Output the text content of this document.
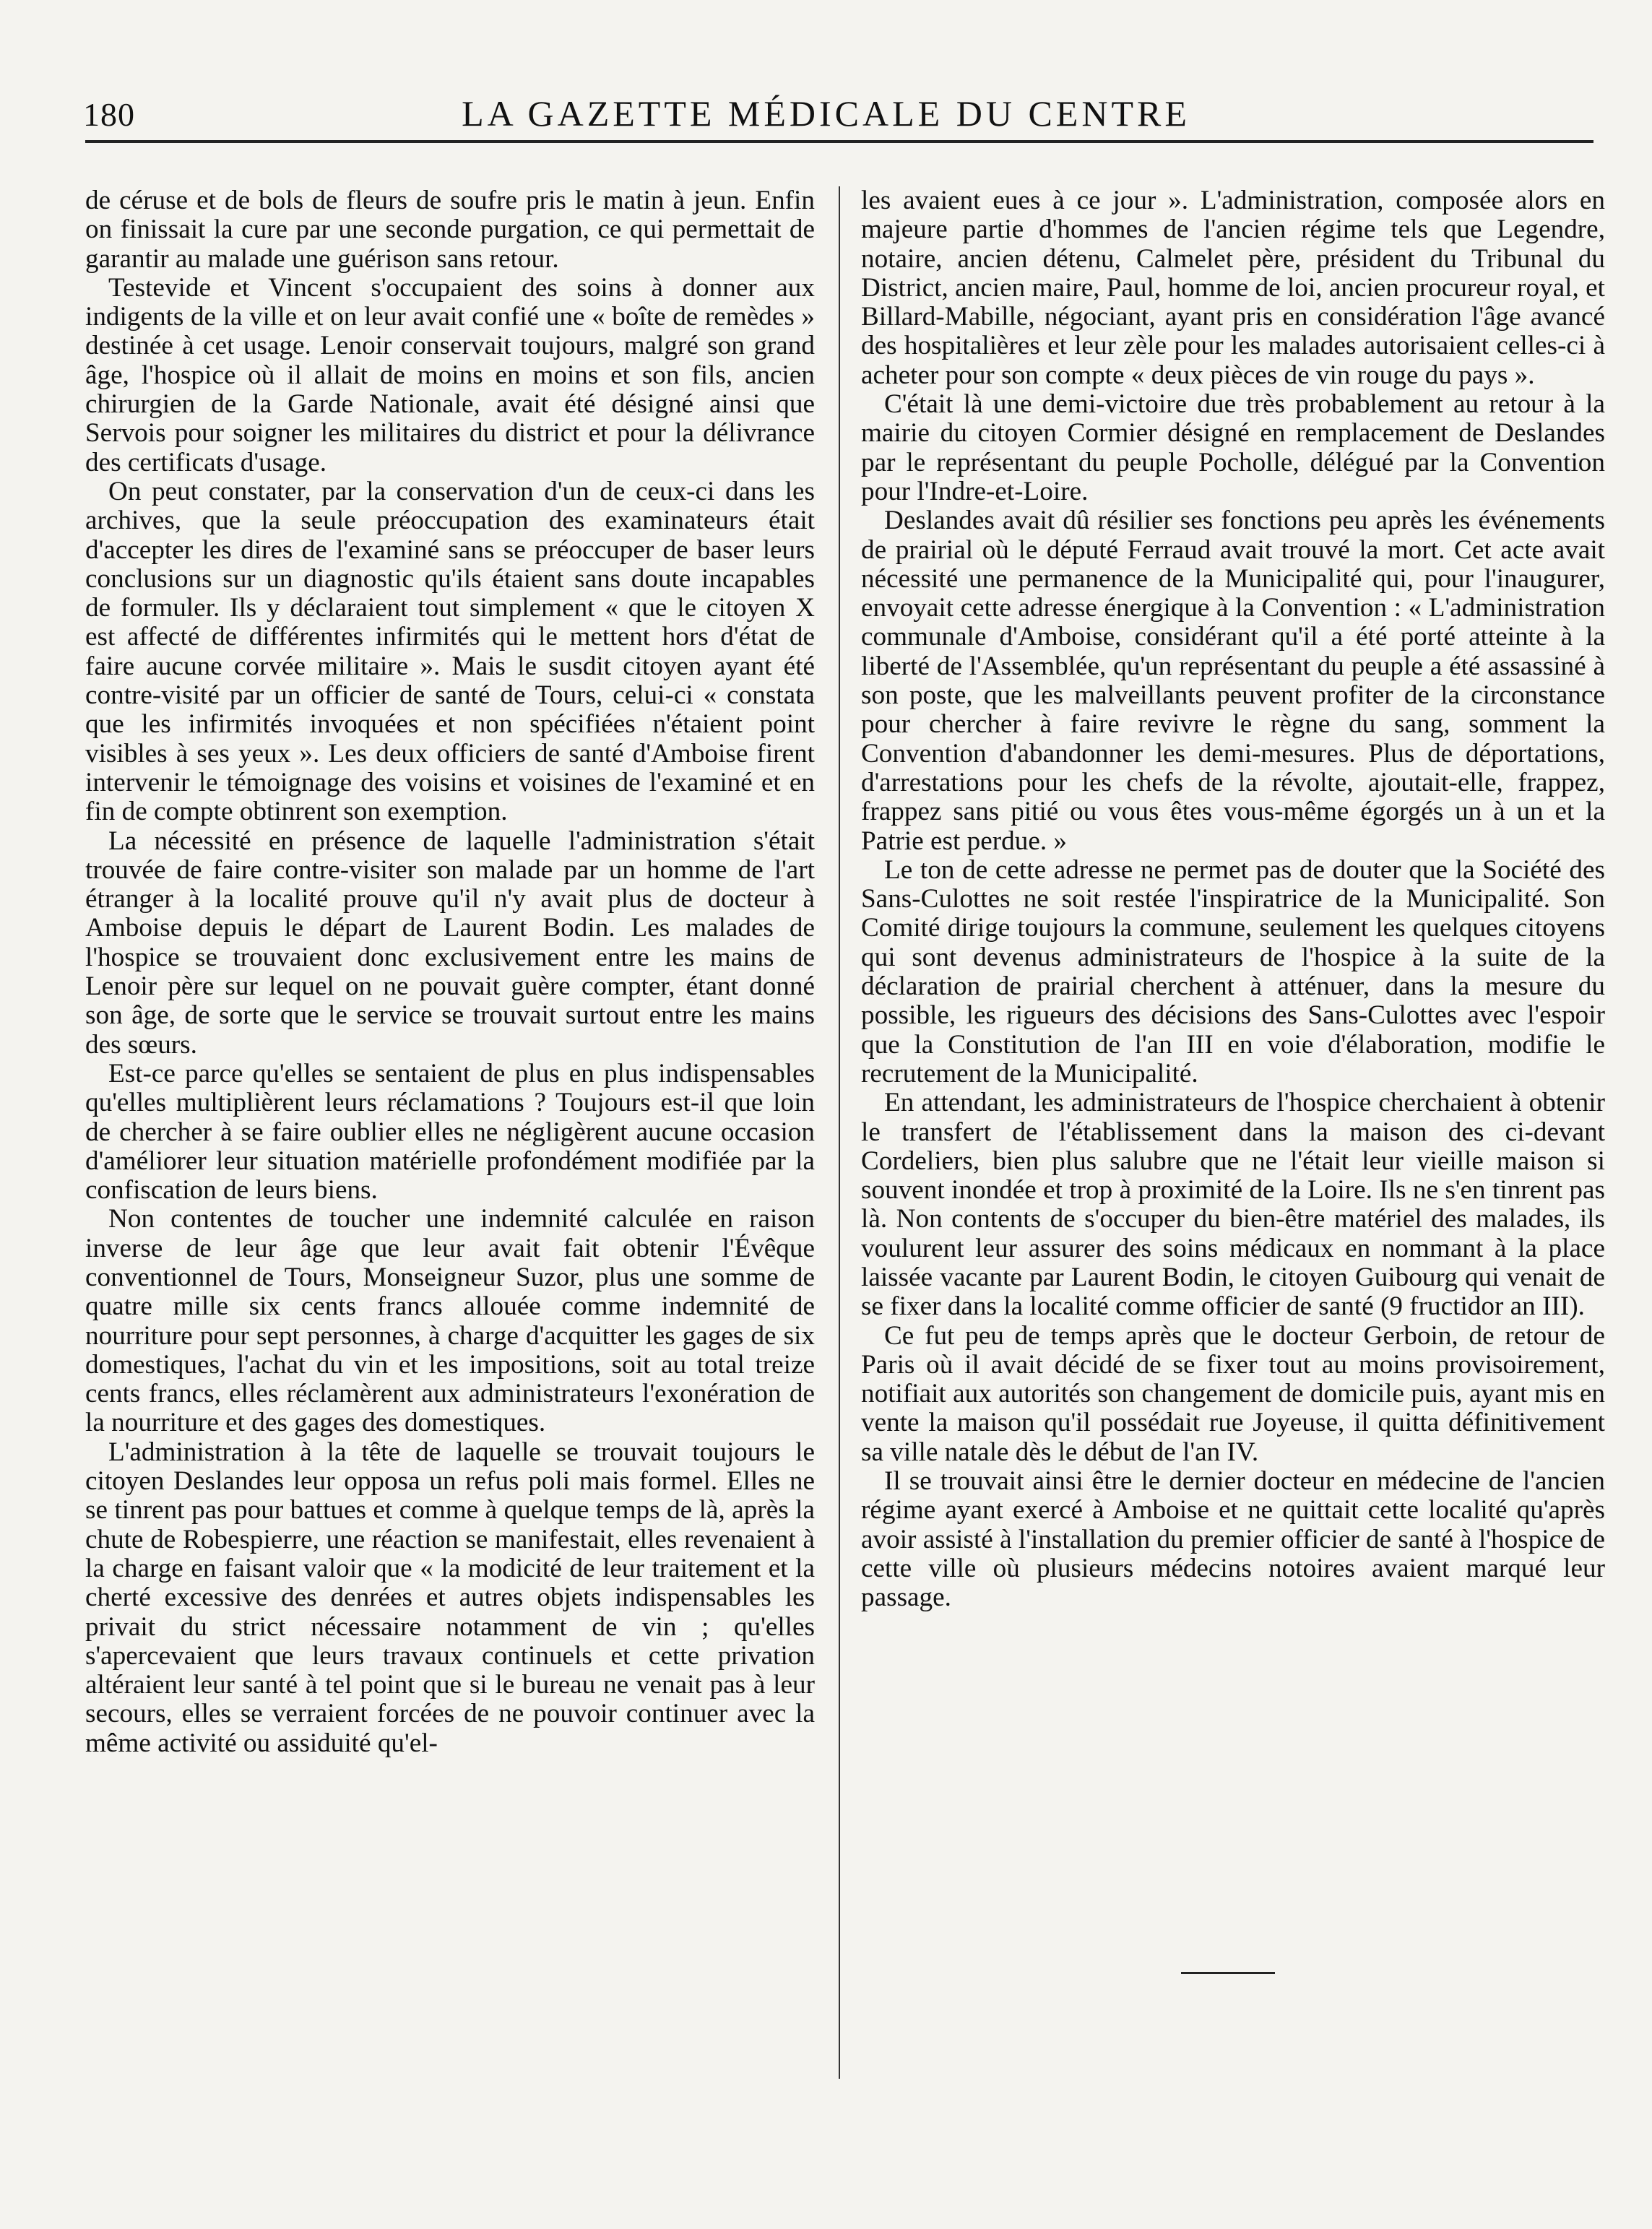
180	LA GAZETTE MÉDICALE DU CENTRE

de céruse et de bols de fleurs de soufre pris le matin à jeun. Enfin on finissait la cure par une seconde purgation, ce qui permettait de garantir au malade une guérison sans retour.

Testevide et Vincent s'occupaient des soins à donner aux indigents de la ville et on leur avait confié une « boîte de remèdes » destinée à cet usage. Lenoir conservait toujours, malgré son grand âge, l'hospice où il allait de moins en moins et son fils, ancien chirurgien de la Garde Nationale, avait été désigné ainsi que Servois pour soigner les militaires du district et pour la délivrance des certificats d'usage.

On peut constater, par la conservation d'un de ceux-ci dans les archives, que la seule préoccupation des examinateurs était d'accepter les dires de l'examiné sans se préoccuper de baser leurs conclusions sur un diagnostic qu'ils étaient sans doute incapables de formuler. Ils y déclaraient tout simplement « que le citoyen X est affecté de différentes infirmités qui le mettent hors d'état de faire aucune corvée militaire ». Mais le susdit citoyen ayant été contre-visité par un officier de santé de Tours, celui-ci « constata que les infirmités invoquées et non spécifiées n'étaient point visibles à ses yeux ». Les deux officiers de santé d'Amboise firent intervenir le témoignage des voisins et voisines de l'examiné et en fin de compte obtinrent son exemption.

La nécessité en présence de laquelle l'administration s'était trouvée de faire contre-visiter son malade par un homme de l'art étranger à la localité prouve qu'il n'y avait plus de docteur à Amboise depuis le départ de Laurent Bodin. Les malades de l'hospice se trouvaient donc exclusivement entre les mains de Lenoir père sur lequel on ne pouvait guère compter, étant donné son âge, de sorte que le service se trouvait surtout entre les mains des sœurs.

Est-ce parce qu'elles se sentaient de plus en plus indispensables qu'elles multiplièrent leurs réclamations ? Toujours est-il que loin de chercher à se faire oublier elles ne négligèrent aucune occasion d'améliorer leur situation matérielle profondément modifiée par la confiscation de leurs biens.

Non contentes de toucher une indemnité calculée en raison inverse de leur âge que leur avait fait obtenir l'Évêque conventionnel de Tours, Monseigneur Suzor, plus une somme de quatre mille six cents francs allouée comme indemnité de nourriture pour sept personnes, à charge d'acquitter les gages de six domestiques, l'achat du vin et les impositions, soit au total treize cents francs, elles réclamèrent aux administrateurs l'exonération de la nourriture et des gages des domestiques.

L'administration à la tête de laquelle se trouvait toujours le citoyen Deslandes leur opposa un refus poli mais formel. Elles ne se tinrent pas pour battues et comme à quelque temps de là, après la chute de Robespierre, une réaction se manifestait, elles revenaient à la charge en faisant valoir que « la modicité de leur traitement et la cherté excessive des denrées et autres objets indispensables les privait du strict nécessaire notamment de vin ; qu'elles s'apercevaient que leurs travaux continuels et cette privation altéraient leur santé à tel point que si le bureau ne venait pas à leur secours, elles se verraient forcées de ne pouvoir continuer avec la même activité ou assiduité qu'el-

les avaient eues à ce jour ». L'administration, composée alors en majeure partie d'hommes de l'ancien régime tels que Legendre, notaire, ancien détenu, Calmelet père, président du Tribunal du District, ancien maire, Paul, homme de loi, ancien procureur royal, et Billard-Mabille, négociant, ayant pris en considération l'âge avancé des hospitalières et leur zèle pour les malades autorisaient celles-ci à acheter pour son compte « deux pièces de vin rouge du pays ».

C'était là une demi-victoire due très probablement au retour à la mairie du citoyen Cormier désigné en remplacement de Deslandes par le représentant du peuple Pocholle, délégué par la Convention pour l'Indre-et-Loire.

Deslandes avait dû résilier ses fonctions peu après les événements de prairial où le député Ferraud avait trouvé la mort. Cet acte avait nécessité une permanence de la Municipalité qui, pour l'inaugurer, envoyait cette adresse énergique à la Convention : « L'administration communale d'Amboise, considérant qu'il a été porté atteinte à la liberté de l'Assemblée, qu'un représentant du peuple a été assassiné à son poste, que les malveillants peuvent profiter de la circonstance pour chercher à faire revivre le règne du sang, somment la Convention d'abandonner les demi-mesures. Plus de déportations, d'arrestations pour les chefs de la révolte, ajoutait-elle, frappez, frappez sans pitié ou vous êtes vous-même égorgés un à un et la Patrie est perdue. »

Le ton de cette adresse ne permet pas de douter que la Société des Sans-Culottes ne soit restée l'inspiratrice de la Municipalité. Son Comité dirige toujours la commune, seulement les quelques citoyens qui sont devenus administrateurs de l'hospice à la suite de la déclaration de prairial cherchent à atténuer, dans la mesure du possible, les rigueurs des décisions des Sans-Culottes avec l'espoir que la Constitution de l'an III en voie d'élaboration, modifie le recrutement de la Municipalité.

En attendant, les administrateurs de l'hospice cherchaient à obtenir le transfert de l'établissement dans la maison des ci-devant Cordeliers, bien plus salubre que ne l'était leur vieille maison si souvent inondée et trop à proximité de la Loire. Ils ne s'en tinrent pas là. Non contents de s'occuper du bien-être matériel des malades, ils voulurent leur assurer des soins médicaux en nommant à la place laissée vacante par Laurent Bodin, le citoyen Guibourg qui venait de se fixer dans la localité comme officier de santé (9 fructidor an III).

Ce fut peu de temps après que le docteur Gerboin, de retour de Paris où il avait décidé de se fixer tout au moins provisoirement, notifiait aux autorités son changement de domicile puis, ayant mis en vente la maison qu'il possédait rue Joyeuse, il quitta définitivement sa ville natale dès le début de l'an IV.

Il se trouvait ainsi être le dernier docteur en médecine de l'ancien régime ayant exercé à Amboise et ne quittait cette localité qu'après avoir assisté à l'installation du premier officier de santé à l'hospice de cette ville où plusieurs médecins notoires avaient marqué leur passage.
